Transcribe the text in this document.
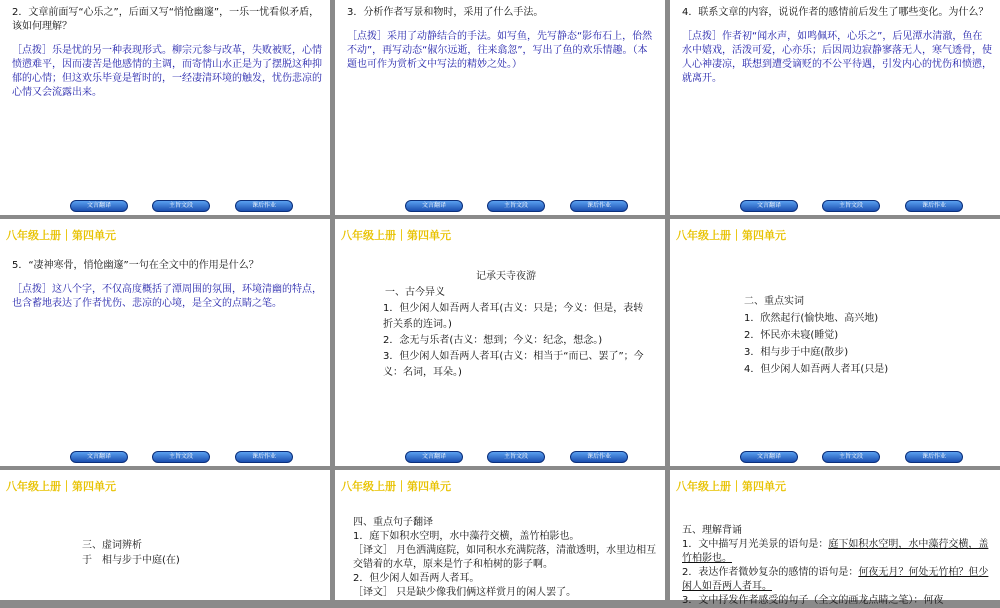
2．文章前面写“心乐之”，后面又写“悄怆幽邃”，一乐一忧看似矛盾，该如何理解？

［点拨］乐是忧的另一种表现形式。柳宗元参与改革，失败被贬，心情愤懑难平，因而凄苦是他感情的主调，而寄情山水正是为了摆脱这种抑郁的心情；但这欢乐毕竟是暂时的，一经凄清环境的触发，忧伤悲凉的心情又会流露出来。

文言翻译	主旨文段	课后作业

3．分析作者写景和物时，采用了什么手法。

［点拨］采用了动静结合的手法。如写鱼，先写静态“影布石上，佁然不动”，再写动态“俶尔远逝，往来翕忽”，写出了鱼的欢乐情趣。（本题也可作为赏析文中写法的精妙之处。）

文言翻译	主旨文段	课后作业

4．联系文章的内容，说说作者的感情前后发生了哪些变化。为什么？

［点拨］作者初“闻水声，如鸣佩环，心乐之”，后见潭水清澈，鱼在水中嬉戏，活泼可爱，心亦乐；后因周边寂静寥落无人，寒气透骨，使人心神凄凉，联想到遭受谪贬的不公平待遇，引发内心的忧伤和愤懑，就离开。

文言翻译	主旨文段	课后作业
八年级上册｜第四单元

5．“凄神寒骨，悄怆幽邃”一句在全文中的作用是什么？

［点拨］这八个字，不仅高度概括了潭周围的氛围，环境清幽的特点，也含蓄地表达了作者忧伤、悲凉的心境，是全文的点睛之笔。

文言翻译	主旨文段	课后作业
八年级上册｜第四单元

记承天寺夜游

一、古今异义

1．但少闲人如吾两人者耳(古义：只是；今义：但是，表转折关系的连词。)

2．念无与乐者(古义：想到；今义：纪念，想念。)

3．但少闲人如吾两人者耳(古义：相当于“而已、罢了”；今义：名词，耳朵。)

文言翻译	主旨文段	课后作业
八年级上册｜第四单元

二、重点实词

1．欣然起行(愉快地、高兴地)

2．怀民亦未寝(睡觉)

3．相与步于中庭(散步)

4．但少闲人如吾两人者耳(只是)

文言翻译	主旨文段	课后作业
八年级上册｜第四单元

三、虚词辨析

于　相与步于中庭(在)

八年级上册｜第四单元

四、重点句子翻译

1．庭下如积水空明，水中藻荇交横，盖竹柏影也。

［译文］ 月色洒满庭院，如同积水充满院落，清澈透明，水里边相互交错着的水草，原来是竹子和柏树的影子啊。

2．但少闲人如吾两人者耳。

［译文］ 只是缺少像我们俩这样赏月的闲人罢了。

八年级上册｜第四单元

五、理解背诵

1．文中描写月光美景的语句是：庭下如积水空明，水中藻荇交横，盖竹柏影也。

2．表达作者微妙复杂的感情的语句是：何夜无月？何处无竹柏？但少闲人如吾两人者耳。

3．文中抒发作者感受的句子（全文的画龙点睛之笔）：何夜
